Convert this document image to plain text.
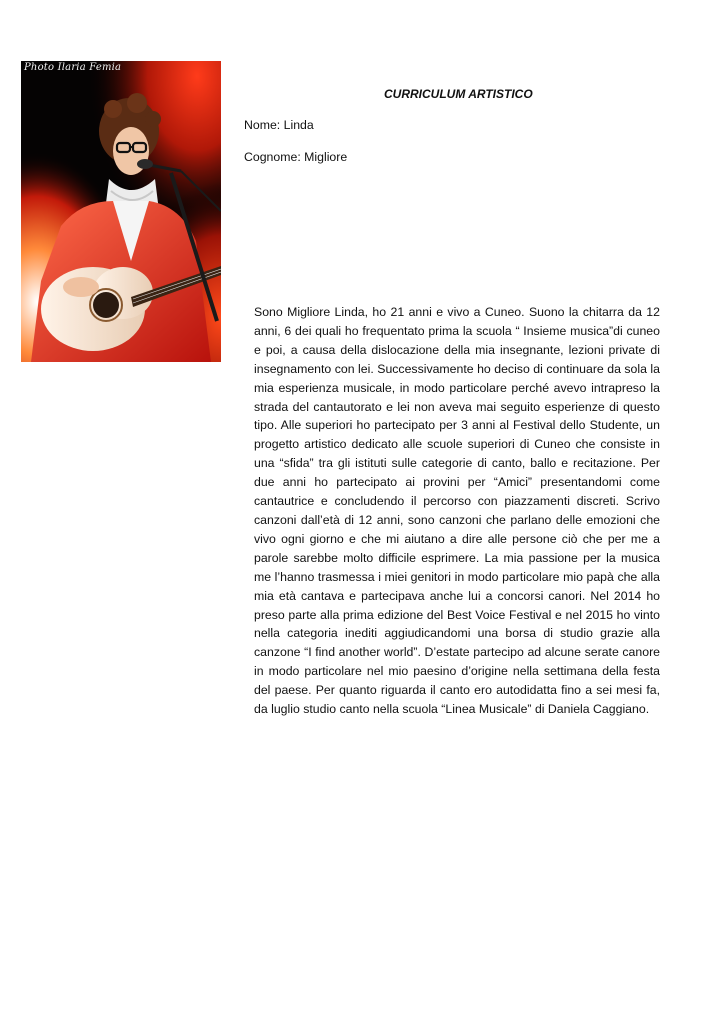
Photo Ilaria Femia
CURRICULUM ARTISTICO
Nome: Linda
Cognome: Migliore

Sono Migliore Linda, ho 21 anni e vivo a Cuneo. Suono la chitarra da 12 anni, 6 dei quali ho frequentato prima la scuola “ Insieme musica”di cuneo e poi, a causa della dislocazione della mia insegnante, lezioni private di insegnamento con lei. Successivamente ho deciso di continuare da sola la mia esperienza musicale, in modo particolare perché avevo intrapreso la strada del cantautorato e lei non aveva mai seguito esperienze di questo tipo. Alle superiori ho partecipato per 3 anni al Festival dello Studente, un progetto artistico dedicato alle scuole superiori di Cuneo che consiste in una “sfida” tra gli istituti sulle categorie di canto, ballo e recitazione. Per due anni ho partecipato ai provini per “Amici” presentandomi come cantautrice e concludendo il percorso con piazzamenti discreti. Scrivo canzoni dall’età di 12 anni, sono canzoni che parlano delle emozioni che vivo ogni giorno e che mi aiutano a dire alle persone ciò che per me a parole sarebbe molto difficile esprimere. La mia passione per la musica me l’hanno trasmessa i miei genitori in modo particolare mio papà che alla mia età cantava e partecipava anche lui a concorsi canori. Nel 2014 ho preso parte alla prima edizione del Best Voice Festival e nel 2015 ho vinto nella categoria inediti aggiudicandomi una borsa di studio grazie alla canzone “I find another world”. D’estate partecipo ad alcune serate canore in modo particolare nel mio paesino d’origine nella settimana della festa del paese. Per quanto riguarda il canto ero autodidatta fino a sei mesi fa, da luglio studio canto nella scuola “Linea Musicale” di Daniela Caggiano.
